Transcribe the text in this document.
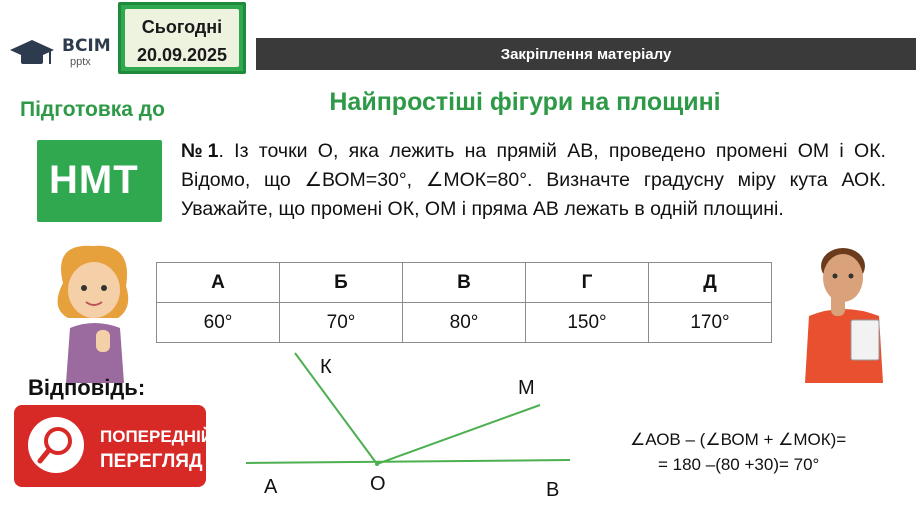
ВСІМ
pptx
Сьогодні
20.09.2025	Закріплення матеріалу
Підготовка до
НМТ
Найпростіші фігури на площині
№1. Із точки О, яка лежить на прямій АВ, проведено промені ОМ і ОК. Відомо, що ∠ВОМ=30°, ∠МОК=80°. Визначте градусну міру кута АОК. Уважайте, що промені ОК, ОМ і пряма АВ лежать в одній площині.
А	Б	В	Г	Д
60°	70°	80°	150°	170°
Відповідь:
ПОПЕРЕДНІЙ
ПЕРЕГЛЯД
К
М
А	О	В
∠АОВ – (∠ВОМ + ∠МОК)=
= 180 –(80 +30)= 70°
